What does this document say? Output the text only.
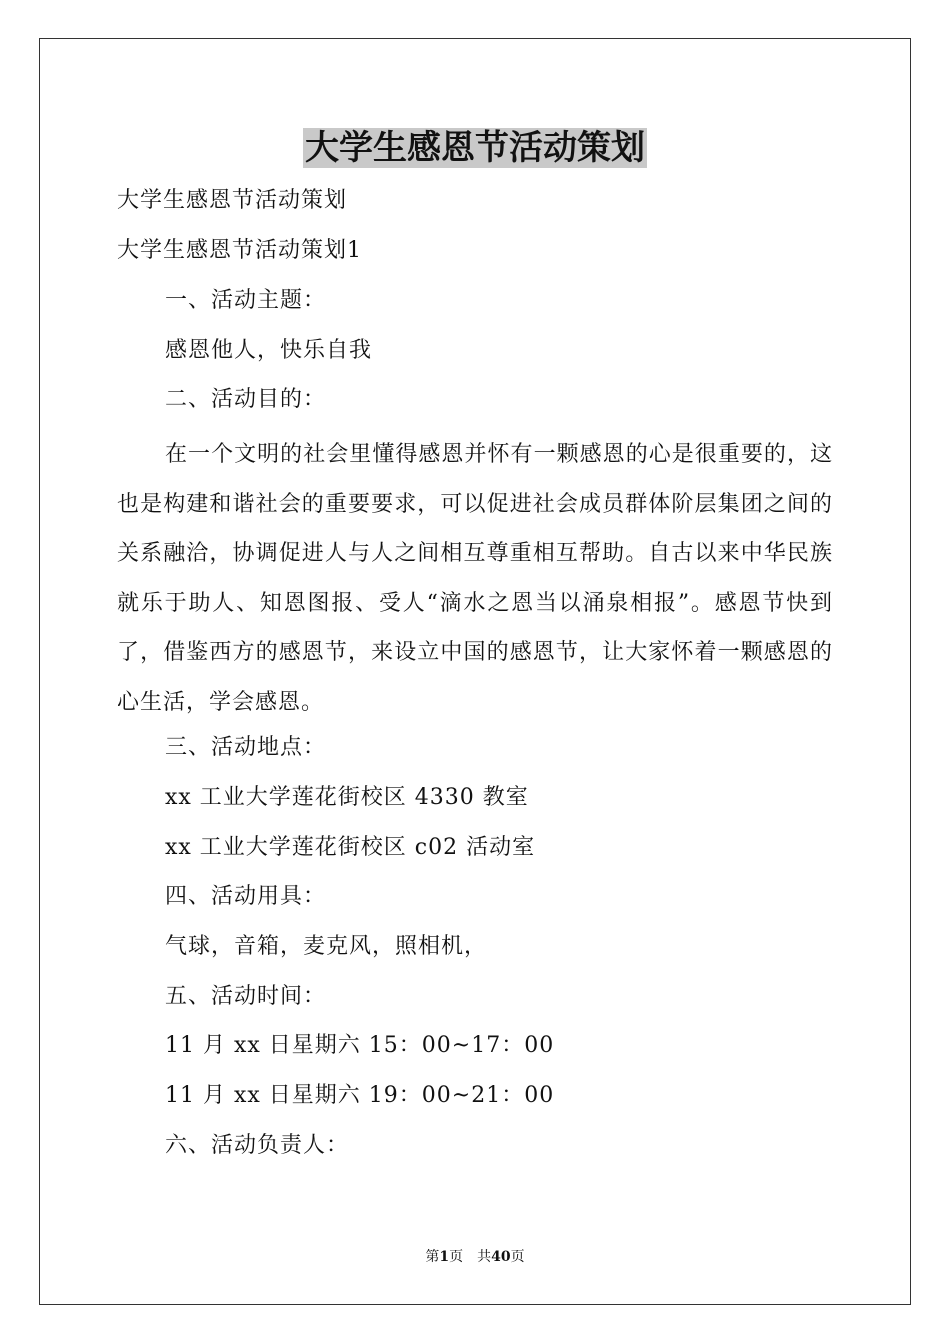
大学生感恩节活动策划

大学生感恩节活动策划

大学生感恩节活动策划1

一、活动主题：

感恩他人，快乐自我

二、活动目的：

在一个文明的社会里懂得感恩并怀有一颗感恩的心是很重要的，这也是构建和谐社会的重要要求，可以促进社会成员群体阶层集团之间的关系融洽，协调促进人与人之间相互尊重相互帮助。自古以来中华民族就乐于助人、知恩图报、受人“滴水之恩当以涌泉相报”。感恩节快到了，借鉴西方的感恩节，来设立中国的感恩节，让大家怀着一颗感恩的心生活，学会感恩。

三、活动地点：

xx 工业大学莲花街校区 4330 教室

xx 工业大学莲花街校区 c02 活动室

四、活动用具：

气球，音箱，麦克风，照相机，

五、活动时间：

11 月 xx 日星期六 15：00~17：00

11 月 xx 日星期六 19：00~21：00

六、活动负责人：

第1页　共40页
